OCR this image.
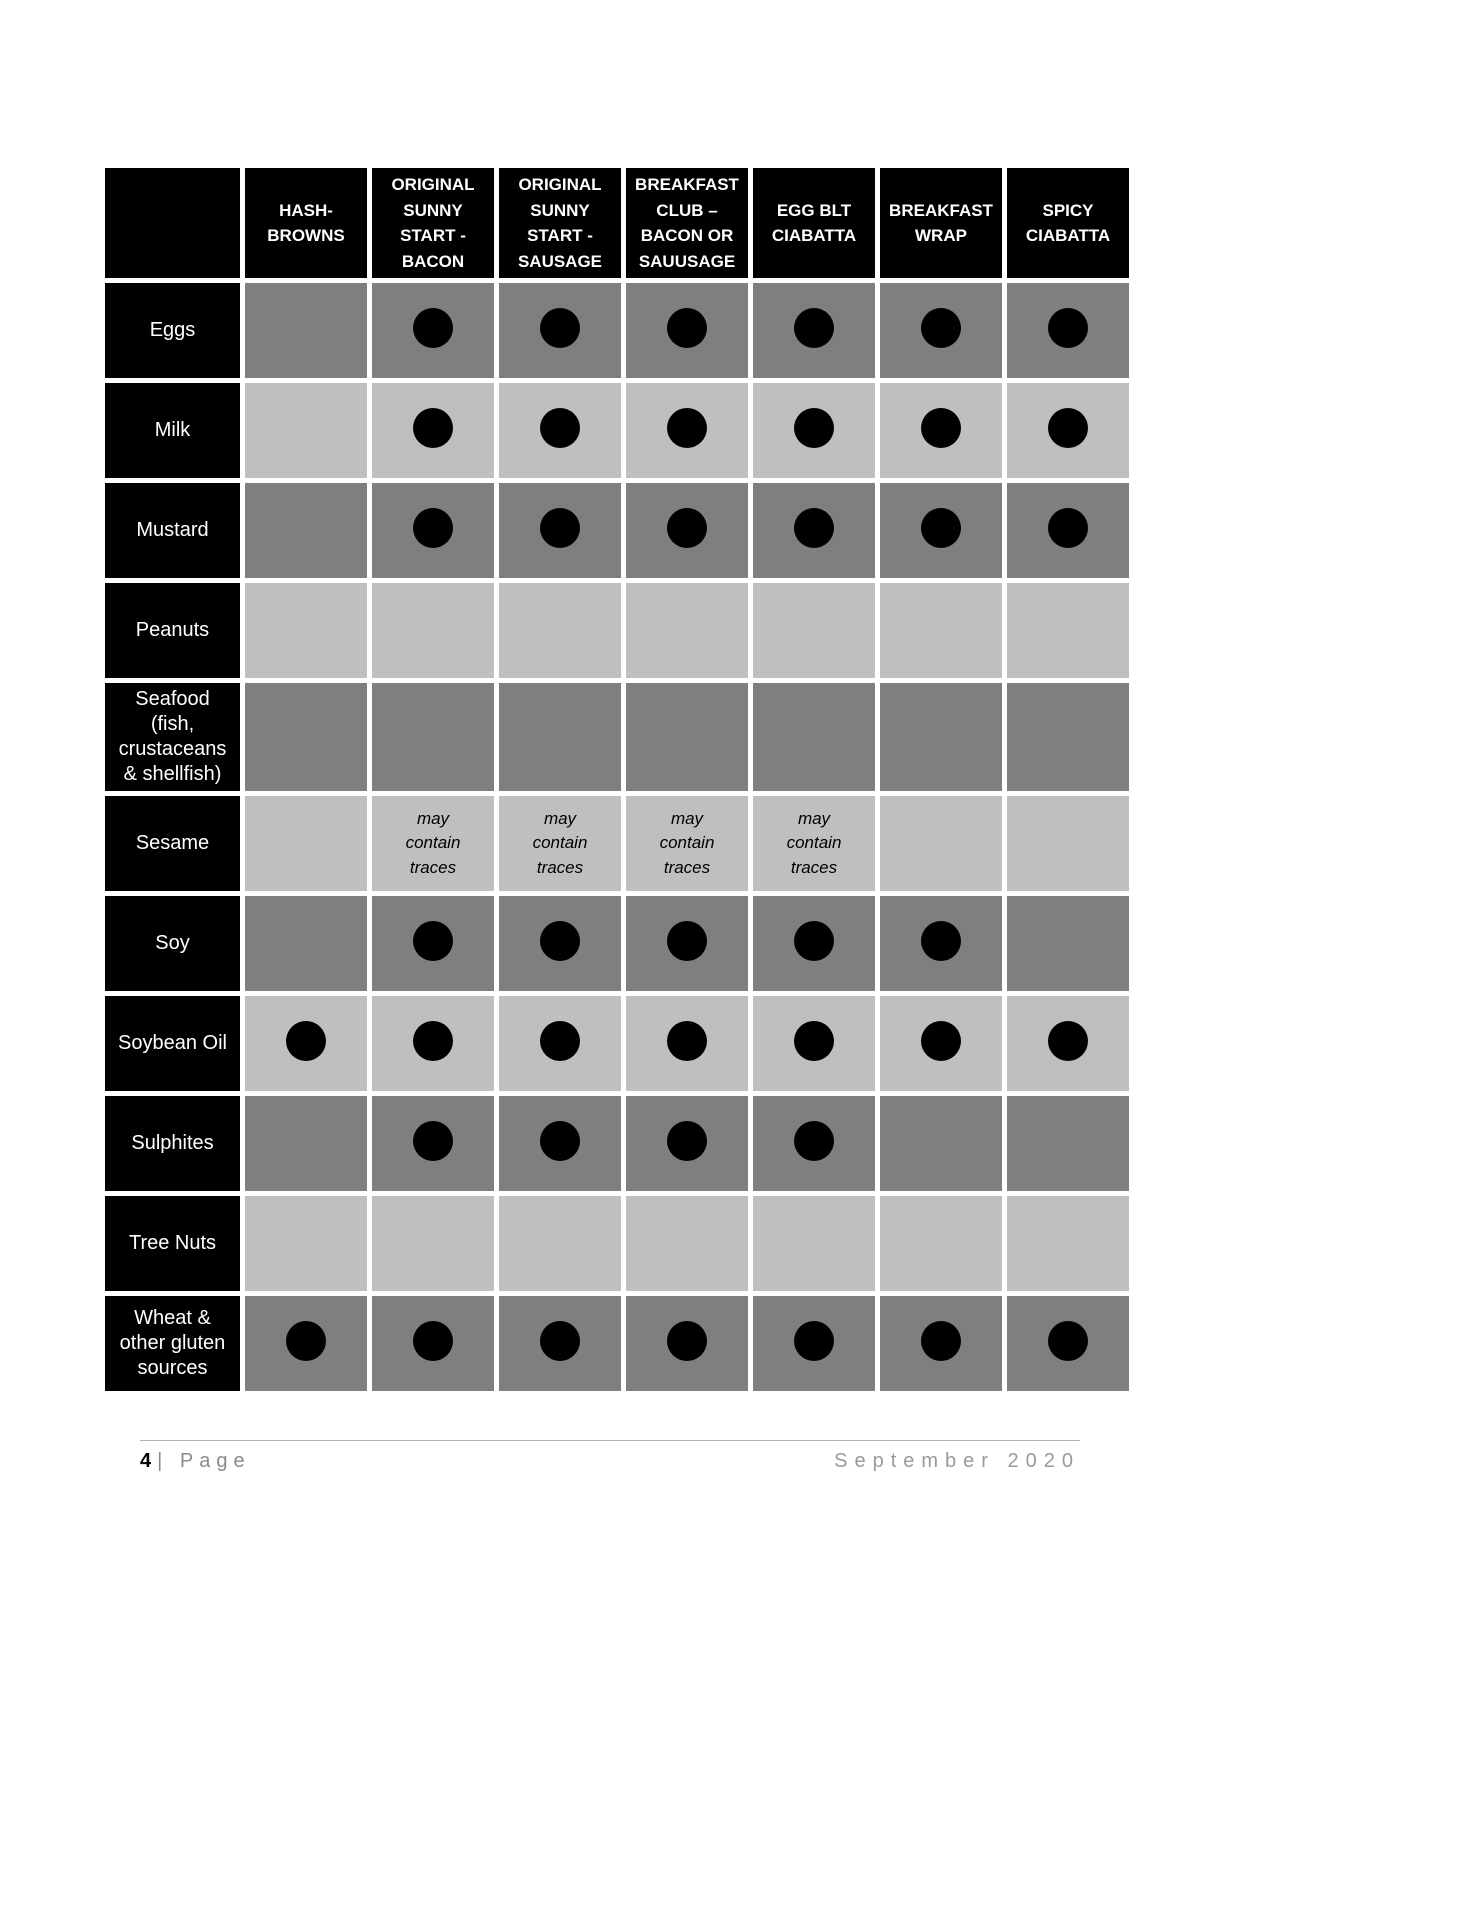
	HASH-BROWNS	ORIGINAL SUNNY START - BACON	ORIGINAL SUNNY START - SAUSAGE	BREAKFAST CLUB – BACON OR SAUUSAGE	EGG BLT CIABATTA	BREAKFAST WRAP	SPICY CIABATTA
Eggs							
Milk							
Mustard							
Peanuts							
Seafood (fish, crustaceans & shellfish)							
Sesame		may contain traces	may contain traces	may contain traces	may contain traces		
Soy							
Soybean Oil							
Sulphites							
Tree Nuts							
Wheat & other gluten sources							
4 | Page	September 2020
